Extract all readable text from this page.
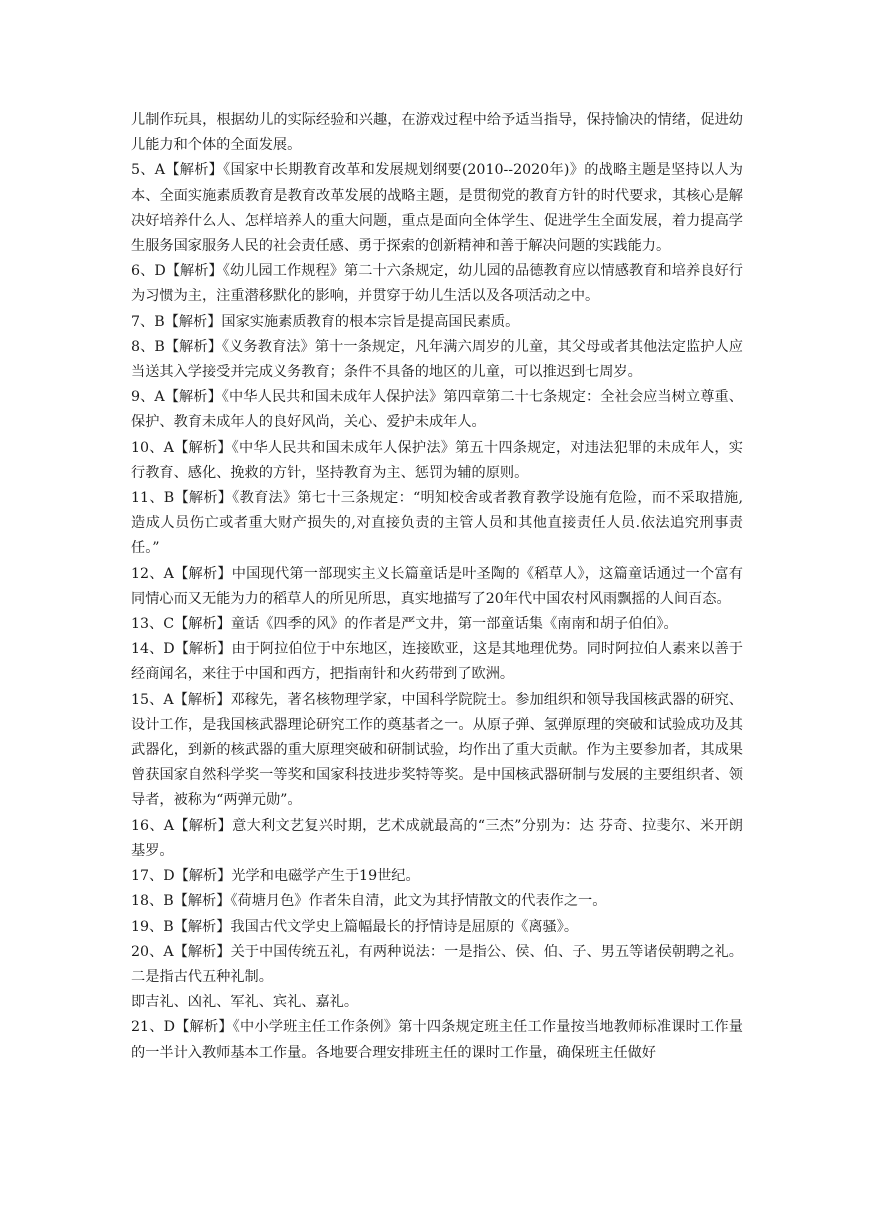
儿制作玩具，根据幼儿的实际经验和兴趣，在游戏过程中给予适当指导，保持愉决的情绪，促进幼儿能力和个体的全面发展。

5、A【解析】《国家中长期教育改革和发展规划纲要(2010--2020年)》的战略主题是坚持以人为本、全面实施素质教育是教育改革发展的战略主题，是贯彻党的教育方针的时代要求，其核心是解决好培养什么人、怎样培养人的重大问题，重点是面向全体学生、促进学生全面发展，着力提高学生服务国家服务人民的社会责任感、勇于探索的创新精神和善于解决问题的实践能力。

6、D【解析】《幼儿园工作规程》第二十六条规定，幼儿园的品德教育应以情感教育和培养良好行为习惯为主，注重潜移默化的影响，并贯穿于幼儿生活以及各项活动之中。

7、B【解析】国家实施素质教育的根本宗旨是提高国民素质。

8、B【解析】《义务教育法》第十一条规定，凡年满六周岁的儿童，其父母或者其他法定监护人应当送其入学接受并完成义务教育；条件不具备的地区的儿童，可以推迟到七周岁。

9、A【解析】《中华人民共和国未成年人保护法》第四章第二十七条规定：全社会应当树立尊重、保护、教育未成年人的良好风尚，关心、爱护未成年人。

10、A【解析】《中华人民共和国未成年人保护法》第五十四条规定，对违法犯罪的未成年人，实行教育、感化、挽救的方针，坚持教育为主、惩罚为辅的原则。

11、B【解析】《教育法》第七十三条规定：“明知校舍或者教育教学设施有危险，而不采取措施,造成人员伤亡或者重大财产损失的,对直接负责的主管人员和其他直接责任人员.依法追究刑事责任。”

12、A【解析】中国现代第一部现实主义长篇童话是叶圣陶的《稻草人》，这篇童话通过一个富有同情心而又无能为力的稻草人的所见所思，真实地描写了20年代中国农村风雨飘摇的人间百态。

13、C【解析】童话《四季的风》的作者是严文井，第一部童话集《南南和胡子伯伯》。

14、D【解析】由于阿拉伯位于中东地区，连接欧亚，这是其地理优势。同时阿拉伯人素来以善于经商闻名，来往于中国和西方，把指南针和火药带到了欧洲。

15、A【解析】邓稼先，著名核物理学家，中国科学院院士。参加组织和领导我国核武器的研究、设计工作，是我国核武器理论研究工作的奠基者之一。从原子弹、氢弹原理的突破和试验成功及其武器化，到新的核武器的重大原理突破和研制试验，均作出了重大贡献。作为主要参加者，其成果曾获国家自然科学奖一等奖和国家科技进步奖特等奖。是中国核武器研制与发展的主要组织者、领导者，被称为“两弹元勋”。

16、A【解析】意大利文艺复兴时期，艺术成就最高的“三杰”分别为：达 芬奇、拉斐尔、米开朗基罗。

17、D【解析】光学和电磁学产生于19世纪。

18、B【解析】《荷塘月色》作者朱自清，此文为其抒情散文的代表作之一。

19、B【解析】我国古代文学史上篇幅最长的抒情诗是屈原的《离骚》。

20、A【解析】关于中国传统五礼，有两种说法：一是指公、侯、伯、子、男五等诸侯朝聘之礼。二是指古代五种礼制。

即吉礼、凶礼、军礼、宾礼、嘉礼。

21、D【解析】《中小学班主任工作条例》第十四条规定班主任工作量按当地教师标准课时工作量的一半计入教师基本工作量。各地要合理安排班主任的课时工作量，确保班主任做好
